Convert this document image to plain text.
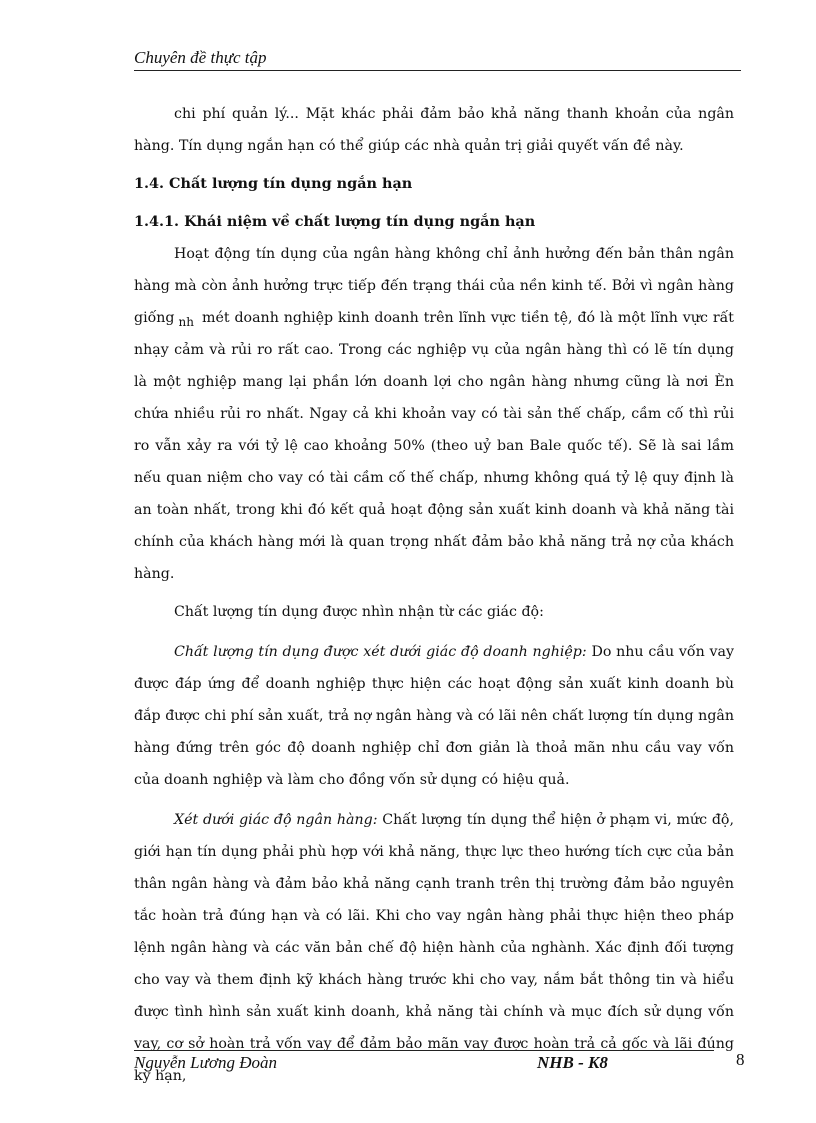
Chuyên đề thực tập

chi phí quản lý... Mặt khác phải đảm bảo khả năng thanh khoản của ngân hàng. Tín dụng ngắn hạn có thể giúp các nhà quản trị giải quyết vấn đề này.

1.4. Chất lượng tín dụng ngắn hạn

1.4.1. Khái niệm về chất lượng tín dụng ngắn hạn

Hoạt động tín dụng của ngân hàng không chỉ ảnh hưởng đến bản thân ngân hàng mà còn ảnh hưởng trực tiếp đến trạng thái của nền kinh tế. Bởi vì ngân hàng giống $_{nh}$ mét doanh nghiệp kinh doanh trên lĩnh vực tiền tệ, đó là một lĩnh vực rất nhạy cảm và rủi ro rất cao. Trong các nghiệp vụ của ngân hàng thì có lẽ tín dụng là một nghiệp mang lại phần lớn doanh lợi cho ngân hàng nhưng cũng là nơi Èn chứa nhiều rủi ro nhất. Ngay cả khi khoản vay có tài sản thế chấp, cầm cố thì rủi ro vẫn xảy ra với tỷ lệ cao khoảng 50% (theo uỷ ban Bale quốc tế). Sẽ là sai lầm nếu quan niệm cho vay có tài cầm cố thế chấp, nhưng không quá tỷ lệ quy định là an toàn nhất, trong khi đó kết quả hoạt động sản xuất kinh doanh và khả năng tài chính của khách hàng mới là quan trọng nhất đảm bảo khả năng trả nợ của khách hàng.

Chất lượng tín dụng được nhìn nhận từ các giác độ:

Chất lượng tín dụng được xét dưới giác độ doanh nghiệp: Do nhu cầu vốn vay được đáp ứng để doanh nghiệp thực hiện các hoạt động sản xuất kinh doanh bù đắp được chi phí sản xuất, trả nợ ngân hàng và có lãi nên chất lượng tín dụng ngân hàng đứng trên góc độ doanh nghiệp chỉ đơn giản là thoả mãn nhu cầu vay vốn của doanh nghiệp và làm cho đồng vốn sử dụng có hiệu quả.

Xét dưới giác độ ngân hàng: Chất lượng tín dụng thể hiện ở phạm vi, mức độ, giới hạn tín dụng phải phù hợp với khả năng, thực lực theo hướng tích cực của bản thân ngân hàng và đảm bảo khả năng cạnh tranh trên thị trường đảm bảo nguyên tắc hoàn trả đúng hạn và có lãi. Khi cho vay ngân hàng phải thực hiện theo pháp lệnh ngân hàng và các văn bản chế độ hiện hành của nghành. Xác định đối tượng cho vay và them định kỹ khách hàng trước khi cho vay, nắm bắt thông tin và hiểu được tình hình sản xuất kinh doanh, khả năng tài chính và mục đích sử dụng vốn vay, cơ sở hoàn trả vốn vay để đảm bảo mãn vay được hoàn trả cả gốc và lãi đúng kỳ hạn,

Nguyễn Lương Đoàn	NHB - K8	8
